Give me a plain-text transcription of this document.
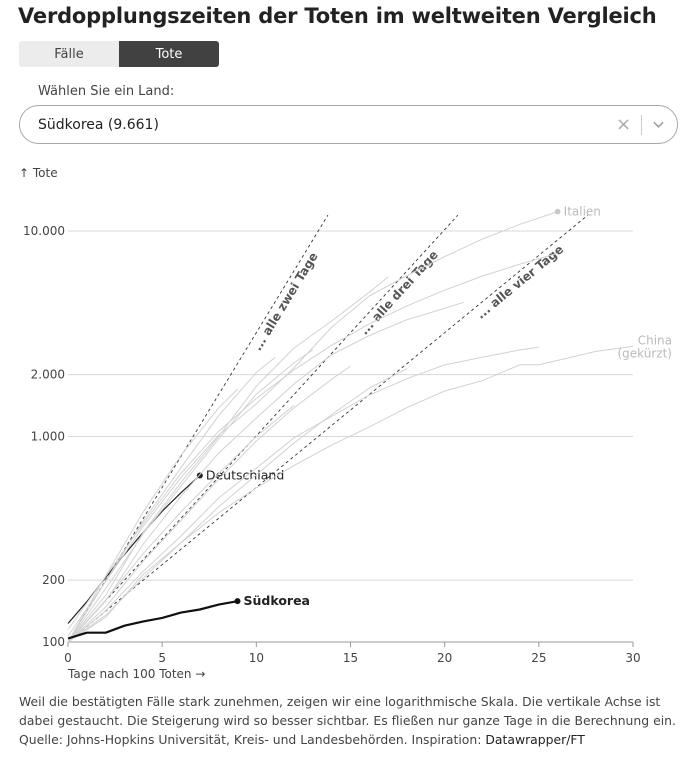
Verdopplungszeiten der Toten im weltweiten Vergleich
Fälle	Tote
Wählen Sie ein Land:
Südkorea (9.661)	×
↑ Tote
100
200
1.000
2.000
10.000
0	5	10	15	20	25	30
Tage nach 100 Toten →
... alle zwei Tage	... alle drei Tage	... alle vier Tage
Deutschland
Italien
China (gekürzt)
Südkorea
Weil die bestätigten Fälle stark zunehmen, zeigen wir eine logarithmische Skala. Die vertikale Achse ist dabei gestaucht. Die Steigerung wird so besser sichtbar. Es fließen nur ganze Tage in die Berechnung ein. Quelle: Johns-Hopkins Universität, Kreis- und Landesbehörden. Inspiration: Datawrapper/FT
